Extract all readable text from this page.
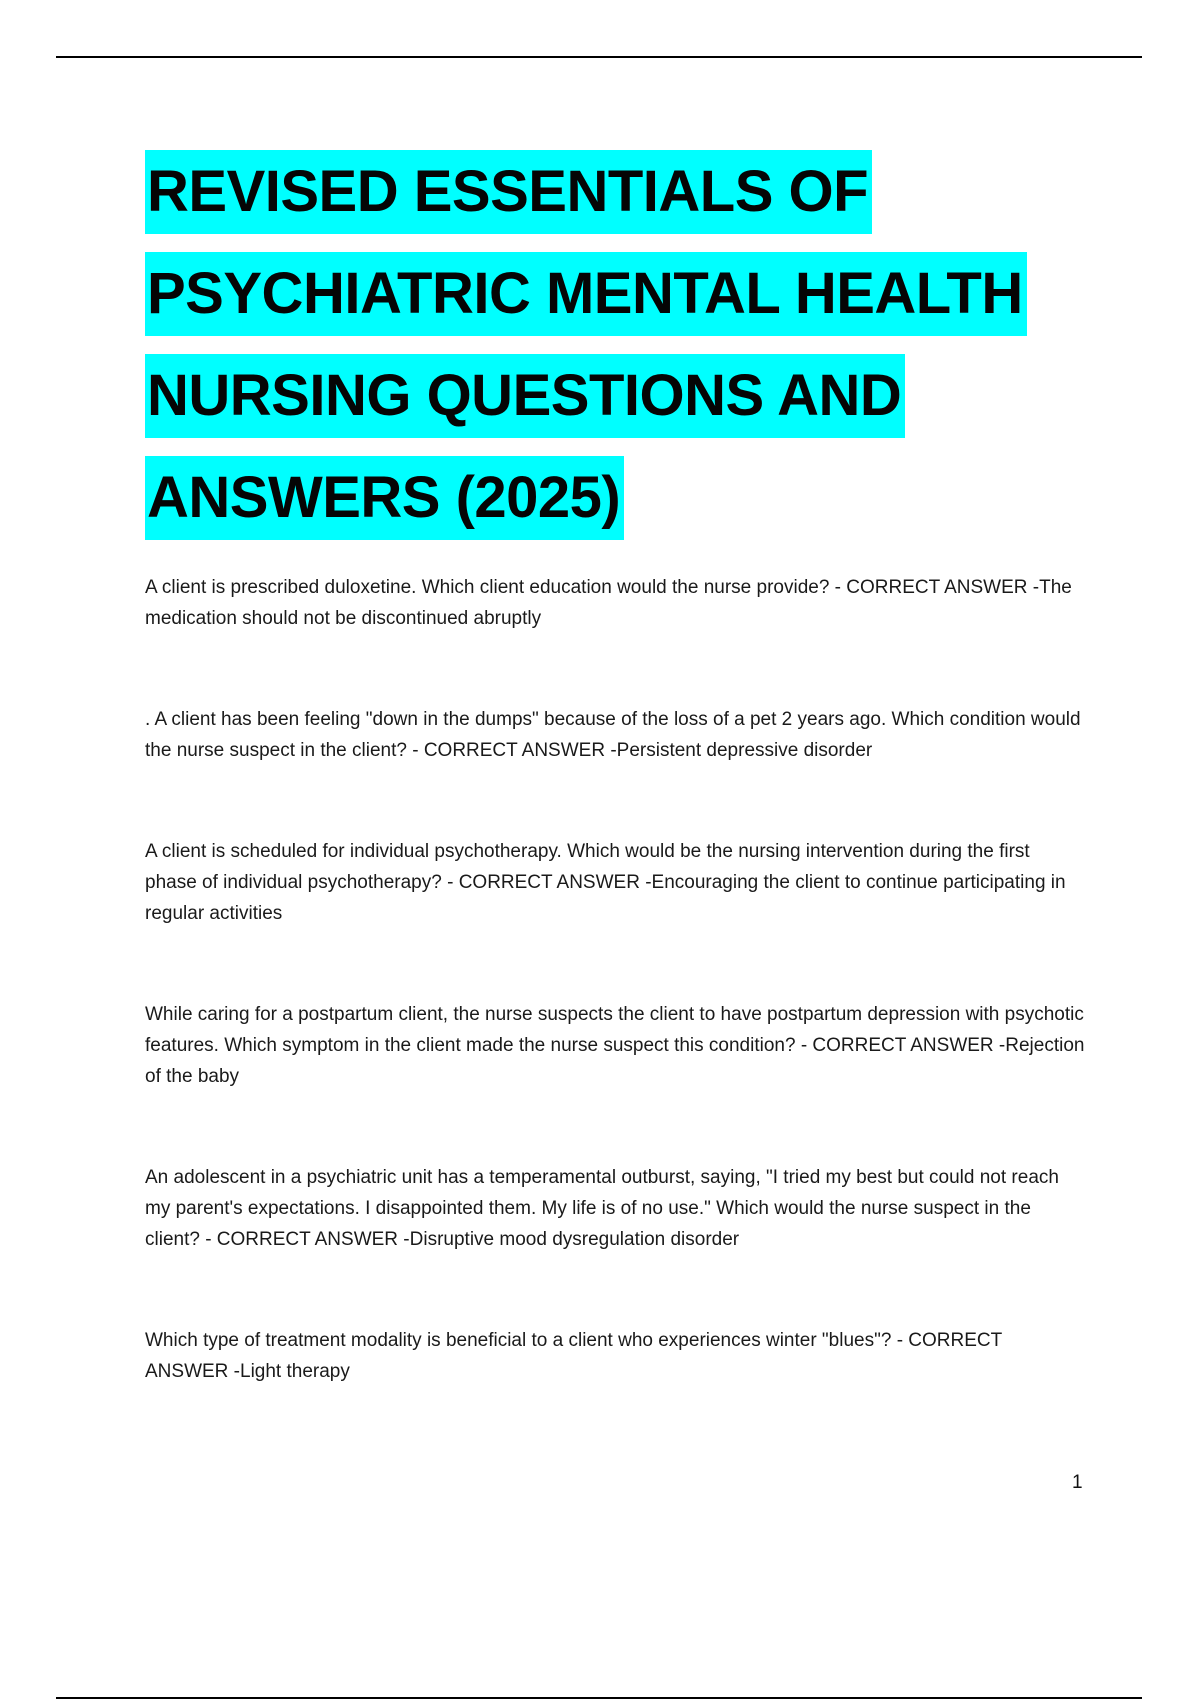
REVISED ESSENTIALS OF
PSYCHIATRIC MENTAL HEALTH
NURSING QUESTIONS AND
ANSWERS (2025)

A client is prescribed duloxetine. Which client education would the nurse provide? - CORRECT ANSWER -The medication should not be discontinued abruptly

. A client has been feeling "down in the dumps" because of the loss of a pet 2 years ago. Which condition would the nurse suspect in the client? - CORRECT ANSWER -Persistent depressive disorder

A client is scheduled for individual psychotherapy. Which would be the nursing intervention during the first phase of individual psychotherapy? - CORRECT ANSWER -Encouraging the client to continue participating in regular activities

While caring for a postpartum client, the nurse suspects the client to have postpartum depression with psychotic features. Which symptom in the client made the nurse suspect this condition? - CORRECT ANSWER -Rejection of the baby

An adolescent in a psychiatric unit has a temperamental outburst, saying, "I tried my best but could not reach my parent's expectations. I disappointed them. My life is of no use." Which would the nurse suspect in the client? - CORRECT ANSWER -Disruptive mood dysregulation disorder

Which type of treatment modality is beneficial to a client who experiences winter "blues"? - CORRECT ANSWER -Light therapy

1
